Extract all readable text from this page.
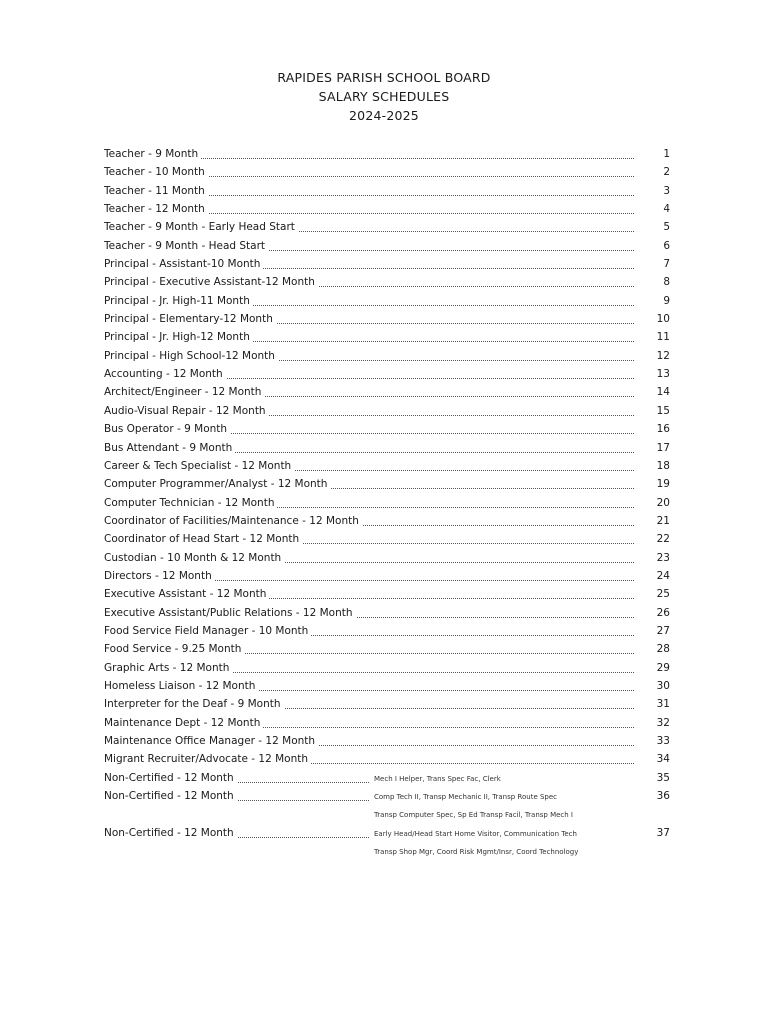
RAPIDES PARISH SCHOOL BOARD
SALARY SCHEDULES
2024-2025
Teacher - 9 Month	1
Teacher - 10 Month	2
Teacher - 11 Month	3
Teacher - 12 Month	4
Teacher - 9 Month - Early Head Start	5
Teacher - 9 Month - Head Start	6
Principal - Assistant-10 Month	7
Principal - Executive Assistant-12 Month	8
Principal - Jr. High-11 Month	9
Principal - Elementary-12 Month	10
Principal - Jr. High-12 Month	11
Principal - High School-12 Month	12
Accounting - 12 Month	13
Architect/Engineer - 12 Month	14
Audio-Visual Repair - 12 Month	15
Bus Operator - 9 Month	16
Bus Attendant - 9 Month	17
Career & Tech Specialist - 12 Month	18
Computer Programmer/Analyst - 12 Month	19
Computer Technician - 12 Month	20
Coordinator of Facilities/Maintenance - 12 Month	21
Coordinator of Head Start - 12 Month	22
Custodian - 10 Month & 12 Month	23
Directors - 12 Month	24
Executive Assistant - 12 Month	25
Executive Assistant/Public Relations - 12 Month	26
Food Service Field Manager - 10 Month	27
Food Service - 9.25 Month	28
Graphic Arts - 12 Month	29
Homeless Liaison - 12 Month	30
Interpreter for the Deaf - 9 Month	31
Maintenance Dept - 12 Month	32
Maintenance Office Manager - 12 Month	33
Migrant Recruiter/Advocate - 12 Month	34
Non-Certified - 12 Month	Mech I Helper, Trans Spec Fac, Clerk	35
Non-Certified - 12 Month	Comp Tech II, Transp Mechanic II, Transp Route Spec	36
Transp Computer Spec, Sp Ed Transp Facil, Transp Mech I
Non-Certified - 12 Month	Early Head/Head Start Home Visitor, Communication Tech	37
Transp Shop Mgr, Coord Risk Mgmt/Insr, Coord Technology
